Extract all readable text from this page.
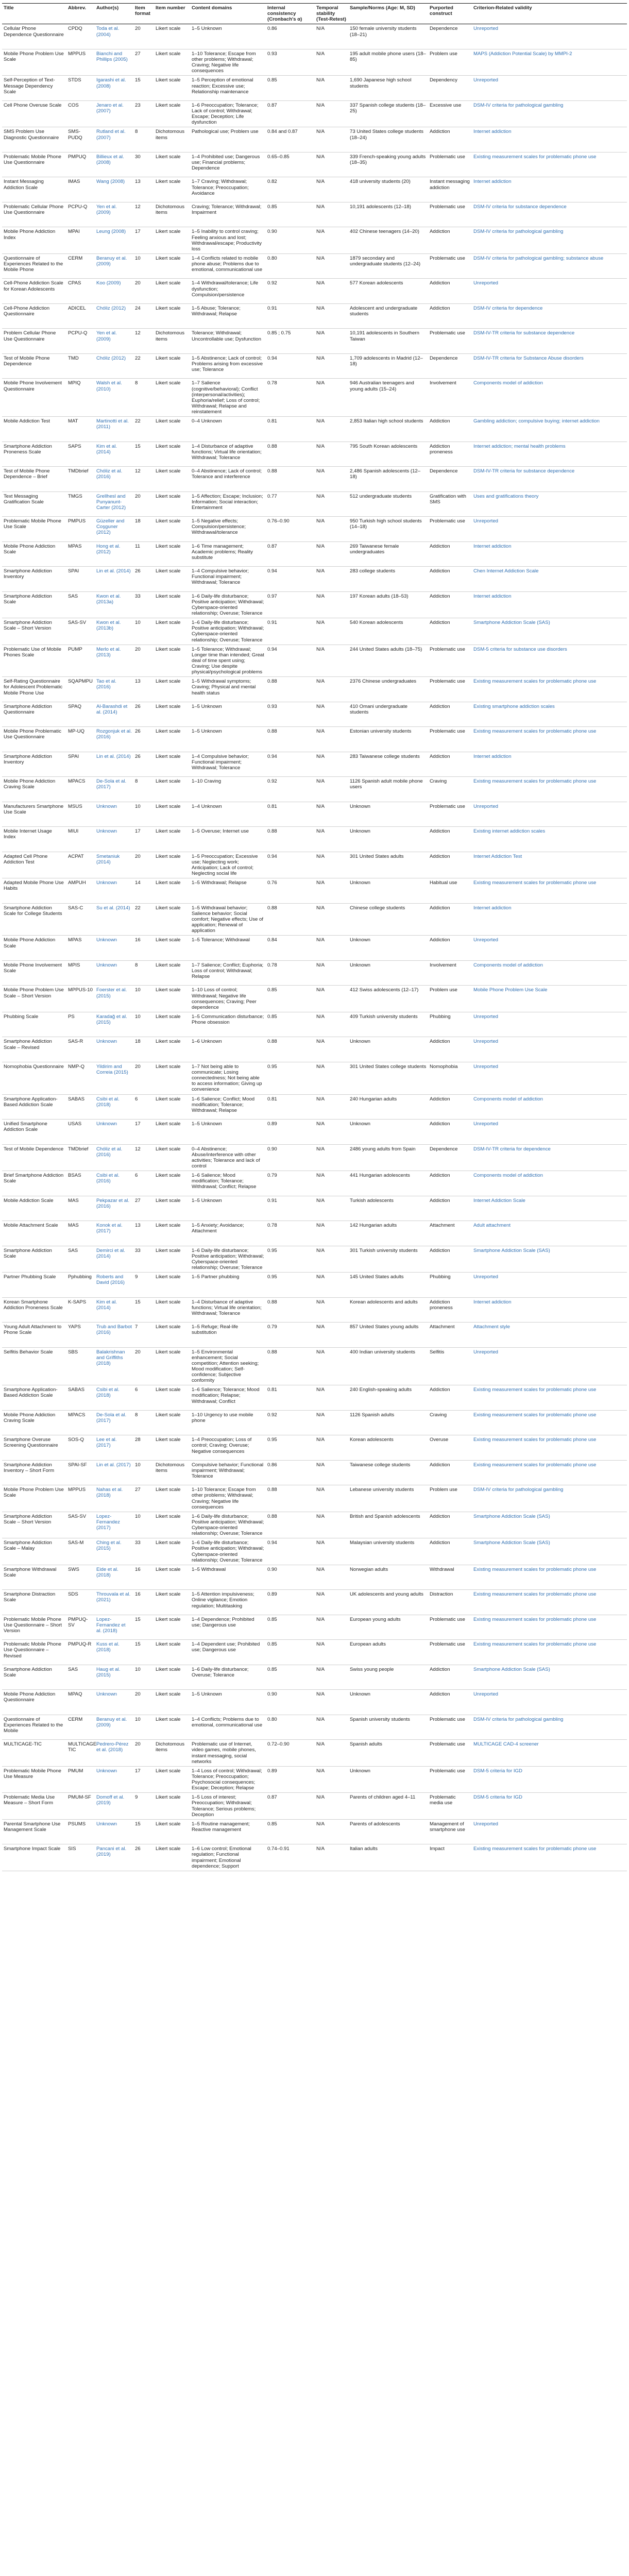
Title	Abbrev.	Author(s)	Item format	Item number	Content domains	Internal consistency (Cronbach's α)	Temporal stability (Test-Retest)	Sample/Norms (Age: M, SD)	Purported construct	Criterion-Related validity
Cellular Phone Dependence Questionnaire	CPDQ	Toda et al. (2004)	20	Likert scale	1–5 Unknown	0.86	N/A	150 female university students (18–21)	Dependence	Unreported
Mobile Phone Problem Use Scale	MPPUS	Bianchi and Phillips (2005)	27	Likert scale	1–10 Tolerance; Escape from other problems; Withdrawal; Craving; Negative life consequences	0.93	N/A	195 adult mobile phone users (18–85)	Problem use	MAPS (Addiction Potential Scale) by MMPI-2
Self-Perception of Text-Message Dependency Scale	STDS	Igarashi et al. (2008)	15	Likert scale	1–5 Perception of emotional reaction; Excessive use; Relationship maintenance	0.85	N/A	1,690 Japanese high school students	Dependency	Unreported
Cell Phone Overuse Scale	COS	Jenaro et al. (2007)	23	Likert scale	1–6 Preoccupation; Tolerance; Lack of control; Withdrawal; Escape; Deception; Life dysfunction	0.87	N/A	337 Spanish college students (18–25)	Excessive use	DSM-IV criteria for pathological gambling
SMS Problem Use Diagnostic Questionnaire	SMS-PUDQ	Rutland et al. (2007)	8	Dichotomous items	Pathological use; Problem use	0.84 and 0.87	N/A	73 United States college students (18–24)	Addiction	Internet addiction
Problematic Mobile Phone Use Questionnaire	PMPUQ	Billieux et al. (2008)	30	Likert scale	1–4 Prohibited use; Dangerous use; Financial problems; Dependence	0.65–0.85	N/A	339 French-speaking young adults (18–35)	Problematic use	Existing measurement scales for problematic phone use
Instant Messaging Addiction Scale	IMAS	Wang (2008)	13	Likert scale	1–7 Craving; Withdrawal; Tolerance; Preoccupation; Avoidance	0.82	N/A	418 university students (20)	Instant messaging addiction	Internet addiction
Problematic Cellular Phone Use Questionnaire	PCPU-Q	Yen et al. (2009)	12	Dichotomous items	Craving; Tolerance; Withdrawal; Impairment	0.85	N/A	10,191 adolescents (12–18)	Problematic use	DSM-IV criteria for substance dependence
Mobile Phone Addiction Index	MPAI	Leung (2008)	17	Likert scale	1–5 Inability to control craving; Feeling anxious and lost; Withdrawal/escape; Productivity loss	0.90	N/A	402 Chinese teenagers (14–20)	Addiction	DSM-IV criteria for pathological gambling
Questionnaire of Experiences Related to the Mobile Phone	CERM	Beranuy et al. (2009)	10	Likert scale	1–4 Conflicts related to mobile phone abuse; Problems due to emotional, communicational use	0.80	N/A	1879 secondary and undergraduate students (12–24)	Problematic use	DSM-IV criteria for pathological gambling; substance abuse
Cell-Phone Addiction Scale for Korean Adolescents	CPAS	Koo (2009)	20	Likert scale	1–4 Withdrawal/tolerance; Life dysfunction; Compulsion/persistence	0.92	N/A	577 Korean adolescents	Addiction	Unreported
Cell-Phone Addiction Questionnaire	ADICEL	Chóliz (2012)	24	Likert scale	1–5 Abuse; Tolerance; Withdrawal; Relapse	0.91	N/A	Adolescent and undergraduate students	Addiction	DSM-IV criteria for dependence
Problem Cellular Phone Use Questionnaire	PCPU-Q	Yen et al. (2009)	12	Dichotomous items	Tolerance; Withdrawal; Uncontrollable use; Dysfunction	0.85 ; 0.75	N/A	10,191 adolescents in Southern Taiwan	Problematic use	DSM-IV-TR criteria for substance dependence
Test of Mobile Phone Dependence	TMD	Chóliz (2012)	22	Likert scale	1–5 Abstinence; Lack of control; Problems arising from excessive use; Tolerance	0.94	N/A	1,709 adolescents in Madrid (12–18)	Dependence	DSM-IV-TR criteria for Substance Abuse disorders
Mobile Phone Involvement Questionnaire	MPIQ	Walsh et al. (2010)	8	Likert scale	1–7 Salience (cognitive/behavioral); Conflict (interpersonal/activities); Euphoria/relief; Loss of control; Withdrawal; Relapse and reinstatement	0.78	N/A	946 Australian teenagers and young adults (15–24)	Involvement	Components model of addiction
Mobile Addiction Test	MAT	Martinotti et al. (2011)	22	Likert scale	0–4 Unknown	0.81	N/A	2,853 Italian high school students	Addiction	Gambling addiction; compulsive buying; internet addiction
Smartphone Addiction Proneness Scale	SAPS	Kim et al. (2014)	15	Likert scale	1–4 Disturbance of adaptive functions; Virtual life orientation; Withdrawal; Tolerance	0.88	N/A	795 South Korean adolescents	Addiction proneness	Internet addiction; mental health problems
Test of Mobile Phone Dependence – Brief	TMDbrief	Chóliz et al. (2016)	12	Likert scale	0–4 Abstinence; Lack of control; Tolerance and interference	0.88	N/A	2,486 Spanish adolescents (12–18)	Dependence	DSM-IV-TR criteria for substance dependence
Text Messaging Gratification Scale	TMGS	Grellhesl and Punyanunt-Carter (2012)	20	Likert scale	1–5 Affection; Escape; Inclusion; Information; Social interaction; Entertainment	0.77	N/A	512 undergraduate students	Gratification with SMS	Uses and gratifications theory
Problematic Mobile Phone Use Scale	PMPUS	Güzeller and Coşguner (2012)	18	Likert scale	1–5 Negative effects; Compulsion/persistence; Withdrawal/tolerance	0.76–0.90	N/A	950 Turkish high school students (14–18)	Problematic use	Unreported
Mobile Phone Addiction Scale	MPAS	Hong et al. (2012)	11	Likert scale	1–6 Time management; Academic problems; Reality substitute	0.87	N/A	269 Taiwanese female undergraduates	Addiction	Internet addiction
Smartphone Addiction Inventory	SPAI	Lin et al. (2014)	26	Likert scale	1–4 Compulsive behavior; Functional impairment; Withdrawal; Tolerance	0.94	N/A	283 college students	Addiction	Chen Internet Addiction Scale
Smartphone Addiction Scale	SAS	Kwon et al. (2013a)	33	Likert scale	1–6 Daily-life disturbance; Positive anticipation; Withdrawal; Cyberspace-oriented relationship; Overuse; Tolerance	0.97	N/A	197 Korean adults (18–53)	Addiction	Internet addiction
Smartphone Addiction Scale – Short Version	SAS-SV	Kwon et al. (2013b)	10	Likert scale	1–6 Daily-life disturbance; Positive anticipation; Withdrawal; Cyberspace-oriented relationship; Overuse; Tolerance	0.91	N/A	540 Korean adolescents	Addiction	Smartphone Addiction Scale (SAS)
Problematic Use of Mobile Phones Scale	PUMP	Merlo et al. (2013)	20	Likert scale	1–5 Tolerance; Withdrawal; Longer time than intended; Great deal of time spent using; Craving; Use despite physical/psychological problems	0.94	N/A	244 United States adults (18–75)	Problematic use	DSM-5 criteria for substance use disorders
Self-Rating Questionnaire for Adolescent Problematic Mobile Phone Use	SQAPMPU	Tao et al. (2016)	13	Likert scale	1–5 Withdrawal symptoms; Craving; Physical and mental health status	0.88	N/A	2376 Chinese undergraduates	Problematic use	Existing measurement scales for problematic phone use
Smartphone Addiction Questionnaire	SPAQ	Al-Barashdi et al. (2014)	26	Likert scale	1–5 Unknown	0.93	N/A	410 Omani undergraduate students	Addiction	Existing smartphone addiction scales
Mobile Phone Problematic Use Questionnaire	MP-UQ	Rozgonjuk et al. (2016)	26	Likert scale	1–5 Unknown	0.88	N/A	Estonian university students	Problematic use	Existing measurement scales for problematic phone use
Smartphone Addiction Inventory	SPAI	Lin et al. (2014)	26	Likert scale	1–4 Compulsive behavior; Functional impairment; Withdrawal; Tolerance	0.94	N/A	283 Taiwanese college students	Addiction	Internet addiction
Mobile Phone Addiction Craving Scale	MPACS	De-Sola et al. (2017)	8	Likert scale	1–10 Craving	0.92	N/A	1126 Spanish adult mobile phone users	Craving	Existing measurement scales for problematic phone use
Manufacturers Smartphone Use Scale	MSUS	Unknown	10	Likert scale	1–4 Unknown	0.81	N/A	Unknown	Problematic use	Unreported
Mobile Internet Usage Index	MIUI	Unknown	17	Likert scale	1–5 Overuse; Internet use	0.88	N/A	Unknown	Addiction	Existing internet addiction scales
Adapted Cell Phone Addiction Test	ACPAT	Smetaniuk (2014)	20	Likert scale	1–5 Preoccupation; Excessive use; Neglecting work; Anticipation; Lack of control; Neglecting social life	0.94	N/A	301 United States adults	Addiction	Internet Addiction Test
Adapted Mobile Phone Use Habits	AMPUH	Unknown	14	Likert scale	1–5 Withdrawal; Relapse	0.76	N/A	Unknown	Habitual use	Existing measurement scales for problematic phone use
Smartphone Addiction Scale for College Students	SAS-C	Su et al. (2014)	22	Likert scale	1–5 Withdrawal behavior; Salience behavior; Social comfort; Negative effects; Use of application; Renewal of application	0.88	N/A	Chinese college students	Addiction	Internet addiction
Mobile Phone Addiction Scale	MPAS	Unknown	16	Likert scale	1–5 Tolerance; Withdrawal	0.84	N/A	Unknown	Addiction	Unreported
Mobile Phone Involvement Scale	MPIS	Unknown	8	Likert scale	1–7 Salience; Conflict; Euphoria; Loss of control; Withdrawal; Relapse	0.78	N/A	Unknown	Involvement	Components model of addiction
Mobile Phone Problem Use Scale – Short Version	MPPUS-10	Foerster et al. (2015)	10	Likert scale	1–10 Loss of control; Withdrawal; Negative life consequences; Craving; Peer dependence	0.85	N/A	412 Swiss adolescents (12–17)	Problem use	Mobile Phone Problem Use Scale
Phubbing Scale	PS	Karadağ et al. (2015)	10	Likert scale	1–5 Communication disturbance; Phone obsession	0.85	N/A	409 Turkish university students	Phubbing	Unreported
Smartphone Addiction Scale – Revised	SAS-R	Unknown	18	Likert scale	1–6 Unknown	0.88	N/A	Unknown	Addiction	Unreported
Nomophobia Questionnaire	NMP-Q	Yildirim and Correia (2015)	20	Likert scale	1–7 Not being able to communicate; Losing connectedness; Not being able to access information; Giving up convenience	0.95	N/A	301 United States college students	Nomophobia	Unreported
Smartphone Application-Based Addiction Scale	SABAS	Csibi et al. (2018)	6	Likert scale	1–6 Salience; Conflict; Mood modification; Tolerance; Withdrawal; Relapse	0.81	N/A	240 Hungarian adults	Addiction	Components model of addiction
Unified Smartphone Addiction Scale	USAS	Unknown	17	Likert scale	1–5 Unknown	0.89	N/A	Unknown	Addiction	Unreported
Test of Mobile Dependence	TMDbrief	Chóliz et al. (2016)	12	Likert scale	0–4 Abstinence; Abuse/interference with other activities; Tolerance and lack of control	0.90	N/A	2486 young adults from Spain	Dependence	DSM-IV-TR criteria for dependence
Brief Smartphone Addiction Scale	BSAS	Csibi et al. (2016)	6	Likert scale	1–6 Salience; Mood modification; Tolerance; Withdrawal; Conflict; Relapse	0.79	N/A	441 Hungarian adolescents	Addiction	Components model of addiction
Mobile Addiction Scale	MAS	Pekpazar et al. (2016)	27	Likert scale	1–5 Unknown	0.91	N/A	Turkish adolescents	Addiction	Internet Addiction Scale
Mobile Attachment Scale	MAS	Konok et al. (2017)	13	Likert scale	1–5 Anxiety; Avoidance; Attachment	0.78	N/A	142 Hungarian adults	Attachment	Adult attachment
Smartphone Addiction Scale	SAS	Demirci et al. (2014)	33	Likert scale	1–6 Daily-life disturbance; Positive anticipation; Withdrawal; Cyberspace-oriented relationship; Overuse; Tolerance	0.95	N/A	301 Turkish university students	Addiction	Smartphone Addiction Scale (SAS)
Partner Phubbing Scale	Pphubbing	Roberts and David (2016)	9	Likert scale	1–5 Partner phubbing	0.95	N/A	145 United States adults	Phubbing	Unreported
Korean Smartphone Addiction Proneness Scale	K-SAPS	Kim et al. (2014)	15	Likert scale	1–4 Disturbance of adaptive functions; Virtual life orientation; Withdrawal; Tolerance	0.88	N/A	Korean adolescents and adults	Addiction proneness	Internet addiction
Young Adult Attachment to Phone Scale	YAPS	Trub and Barbot (2016)	7	Likert scale	1–5 Refuge; Real-life substitution	0.79	N/A	857 United States young adults	Attachment	Attachment style
Selfitis Behavior Scale	SBS	Balakrishnan and Griffiths (2018)	20	Likert scale	1–5 Environmental enhancement; Social competition; Attention seeking; Mood modification; Self-confidence; Subjective conformity	0.88	N/A	400 Indian university students	Selfitis	Unreported
Smartphone Application-Based Addiction Scale	SABAS	Csibi et al. (2018)	6	Likert scale	1–6 Salience; Tolerance; Mood modification; Relapse; Withdrawal; Conflict	0.81	N/A	240 English-speaking adults	Addiction	Existing measurement scales for problematic phone use
Mobile Phone Addiction Craving Scale	MPACS	De-Sola et al. (2017)	8	Likert scale	1–10 Urgency to use mobile phone	0.92	N/A	1126 Spanish adults	Craving	Existing measurement scales for problematic phone use
Smartphone Overuse Screening Questionnaire	SOS-Q	Lee et al. (2017)	28	Likert scale	1–4 Preoccupation; Loss of control; Craving; Overuse; Negative consequences	0.95	N/A	Korean adolescents	Overuse	Existing measurement scales for problematic phone use
Smartphone Addiction Inventory – Short Form	SPAI-SF	Lin et al. (2017)	10	Dichotomous items	Compulsive behavior; Functional impairment; Withdrawal; Tolerance	0.86	N/A	Taiwanese college students	Addiction	Existing measurement scales for problematic phone use
Mobile Phone Problem Use Scale	MPPUS	Nahas et al. (2018)	27	Likert scale	1–10 Tolerance; Escape from other problems; Withdrawal; Craving; Negative life consequences	0.88	N/A	Lebanese university students	Problem use	DSM-IV criteria for pathological gambling
Smartphone Addiction Scale – Short Version	SAS-SV	Lopez-Fernandez (2017)	10	Likert scale	1–6 Daily-life disturbance; Positive anticipation; Withdrawal; Cyberspace-oriented relationship; Overuse; Tolerance	0.88	N/A	British and Spanish adolescents	Addiction	Smartphone Addiction Scale (SAS)
Smartphone Addiction Scale – Malay	SAS-M	Ching et al. (2015)	33	Likert scale	1–6 Daily-life disturbance; Positive anticipation; Withdrawal; Cyberspace-oriented relationship; Overuse; Tolerance	0.94	N/A	Malaysian university students	Addiction	Smartphone Addiction Scale (SAS)
Smartphone Withdrawal Scale	SWS	Eide et al. (2018)	16	Likert scale	1–5 Withdrawal	0.90	N/A	Norwegian adults	Withdrawal	Existing measurement scales for problematic phone use
Smartphone Distraction Scale	SDS	Throuvala et al. (2021)	16	Likert scale	1–5 Attention impulsiveness; Online vigilance; Emotion regulation; Multitasking	0.89	N/A	UK adolescents and young adults	Distraction	Existing measurement scales for problematic phone use
Problematic Mobile Phone Use Questionnaire – Short Version	PMPUQ-SV	Lopez-Fernandez et al. (2018)	15	Likert scale	1–4 Dependence; Prohibited use; Dangerous use	0.85	N/A	European young adults	Problematic use	Existing measurement scales for problematic phone use
Problematic Mobile Phone Use Questionnaire – Revised	PMPUQ-R	Kuss et al. (2018)	15	Likert scale	1–4 Dependent use; Prohibited use; Dangerous use	0.85	N/A	European adults	Problematic use	Existing measurement scales for problematic phone use
Smartphone Addiction Scale	SAS	Haug et al. (2015)	10	Likert scale	1–6 Daily-life disturbance; Overuse; Tolerance	0.85	N/A	Swiss young people	Addiction	Smartphone Addiction Scale (SAS)
Mobile Phone Addiction Questionnaire	MPAQ	Unknown	20	Likert scale	1–5 Unknown	0.90	N/A	Unknown	Addiction	Unreported
Questionnaire of Experiences Related to the Mobile	CERM	Beranuy et al. (2009)	10	Likert scale	1–4 Conflicts; Problems due to emotional, communicational use	0.80	N/A	Spanish university students	Problematic use	DSM-IV criteria for pathological gambling
MULTICAGE-TIC	MULTICAGE-TIC	Pedrero-Pérez et al. (2018)	20	Dichotomous items	Problematic use of Internet, video games, mobile phones, instant messaging, social networks	0.72–0.90	N/A	Spanish adults	Problematic use	MULTICAGE CAD-4 screener
Problematic Mobile Phone Use Measure	PMUM	Unknown	17	Likert scale	1–4 Loss of control; Withdrawal; Tolerance; Preoccupation; Psychosocial consequences; Escape; Deception; Relapse	0.89	N/A	Unknown	Problematic use	DSM-5 criteria for IGD
Problematic Media Use Measure – Short Form	PMUM-SF	Domoff et al. (2019)	9	Likert scale	1–5 Loss of interest; Preoccupation; Withdrawal; Tolerance; Serious problems; Deception	0.87	N/A	Parents of children aged 4–11	Problematic media use	DSM-5 criteria for IGD
Parental Smartphone Use Management Scale	PSUMS	Unknown	15	Likert scale	1–5 Routine management; Reactive management	0.85	N/A	Parents of adolescents	Management of smartphone use	Unreported
Smartphone Impact Scale	SIS	Pancani et al. (2019)	26	Likert scale	1–6 Low control; Emotional regulation; Functional impairment; Emotional dependence; Support	0.74–0.91	N/A	Italian adults	Impact	Existing measurement scales for problematic phone use
